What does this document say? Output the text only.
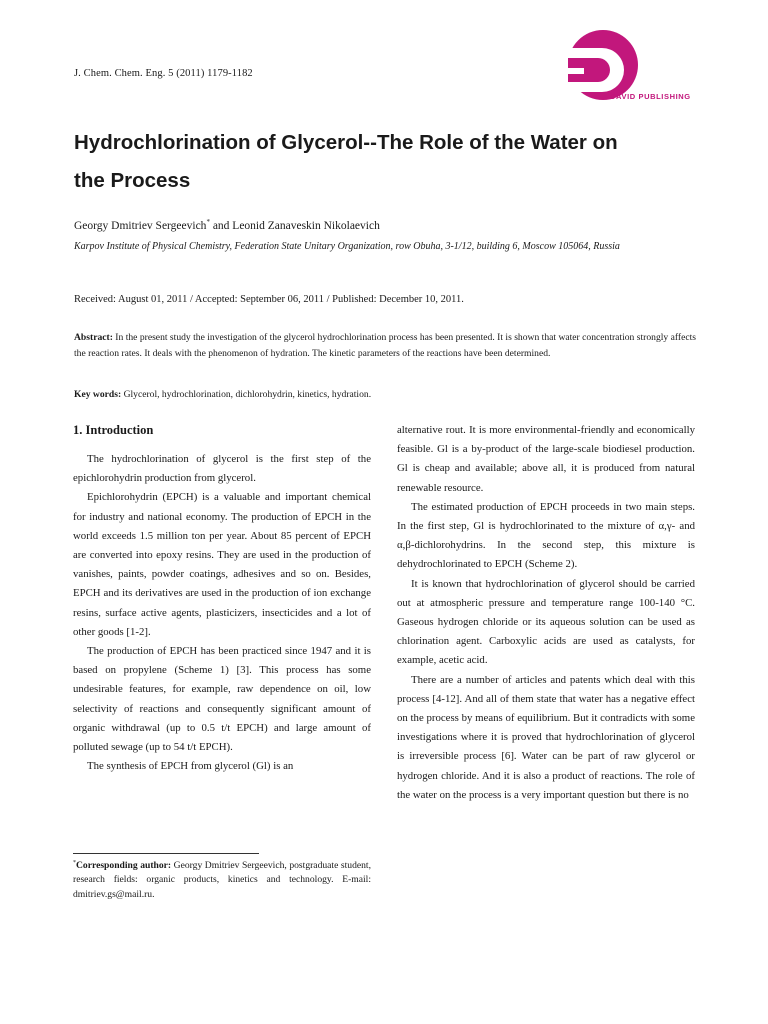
J. Chem. Chem. Eng. 5 (2011) 1179-1182
DAVID PUBLISHING
Hydrochlorination of Glycerol--The Role of the Water on
the Process
Georgy Dmitriev Sergeevich* and Leonid Zanaveskin Nikolaevich
Karpov Institute of Physical Chemistry, Federation State Unitary Organization, row Obuha, 3-1/12, building 6, Moscow 105064, Russia
Received: August 01, 2011 / Accepted: September 06, 2011 / Published: December 10, 2011.
Abstract: In the present study the investigation of the glycerol hydrochlorination process has been presented. It is shown that water concentration strongly affects the reaction rates. It deals with the phenomenon of hydration. The kinetic parameters of the reactions have been determined.
Key words: Glycerol, hydrochlorination, dichlorohydrin, kinetics, hydration.
1. Introduction

The hydrochlorination of glycerol is the first step of the epichlorohydrin production from glycerol.

Epichlorohydrin (EPCH) is a valuable and important chemical for industry and national economy. The production of EPCH in the world exceeds 1.5 million ton per year. About 85 percent of EPCH are converted into epoxy resins. They are used in the production of vanishes, paints, powder coatings, adhesives and so on. Besides, EPCH and its derivatives are used in the production of ion exchange resins, surface active agents, plasticizers, insecticides and a lot of other goods [1-2].

The production of EPCH has been practiced since 1947 and it is based on propylene (Scheme 1) [3]. This process has some undesirable features, for example, raw dependence on oil, low selectivity of reactions and consequently significant amount of organic withdrawal (up to 0.5 t/t EPCH) and large amount of polluted sewage (up to 54 t/t EPCH).

The synthesis of EPCH from glycerol (Gl) is an

alternative rout. It is more environmental-friendly and economically feasible. Gl is a by-product of the large-scale biodiesel production. Gl is cheap and available; above all, it is produced from natural renewable resource.

The estimated production of EPCH proceeds in two main steps. In the first step, Gl is hydrochlorinated to the mixture of α,γ- and α,β-dichlorohydrins. In the second step, this mixture is dehydrochlorinated to EPCH (Scheme 2).

It is known that hydrochlorination of glycerol should be carried out at atmospheric pressure and temperature range 100-140 °C. Gaseous hydrogen chloride or its aqueous solution can be used as chlorination agent. Carboxylic acids are used as catalysts, for example, acetic acid.

There are a number of articles and patents which deal with this process [4-12]. And all of them state that water has a negative effect on the process by means of equilibrium. But it contradicts with some investigations where it is proved that hydrochlorination of glycerol is irreversible process [6]. Water can be part of raw glycerol or hydrogen chloride. And it is also a product of reactions. The role of the water on the process is a very important question but there is no

*Corresponding author: Georgy Dmitriev Sergeevich, postgraduate student, research fields: organic products, kinetics and technology. E-mail: dmitriev.gs@mail.ru.
